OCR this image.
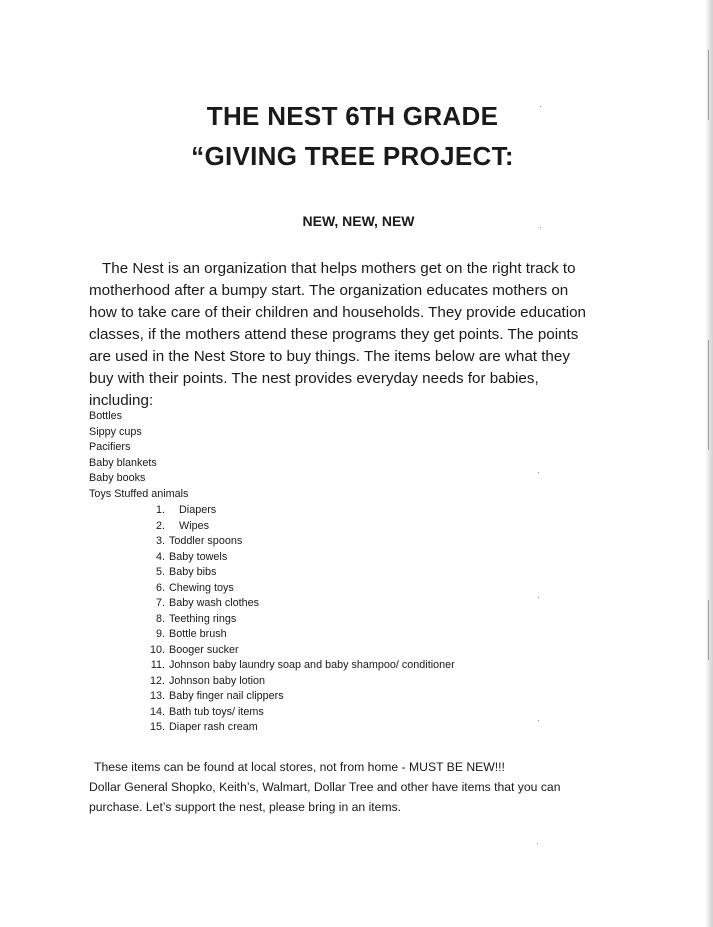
THE NEST 6TH GRADE
“GIVING TREE PROJECT:

NEW, NEW, NEW

The Nest is an organization that helps mothers get on the right track to
motherhood after a bumpy start. The organization educates mothers on
how to take care of their children and households. They provide education
classes, if the mothers attend these programs they get points. The points
are used in the Nest Store to buy things. The items below are what they
buy with their points. The nest provides everyday needs for babies,
including:

Bottles
Sippy cups
Pacifiers
Baby blankets
Baby books
Toys Stuffed animals
1. Diapers
2. Wipes
3. Toddler spoons
4. Baby towels
5. Baby bibs
6. Chewing toys
7. Baby wash clothes
8. Teething rings
9. Bottle brush
10. Booger sucker
11. Johnson baby laundry soap and baby shampoo/ conditioner
12. Johnson baby lotion
13. Baby finger nail clippers
14. Bath tub toys/ items
15. Diaper rash cream

These items can be found at local stores, not from home - MUST BE NEW!!!
Dollar General Shopko, Keith’s, Walmart, Dollar Tree and other have items that you can
purchase. Let’s support the nest, please bring in an items.
